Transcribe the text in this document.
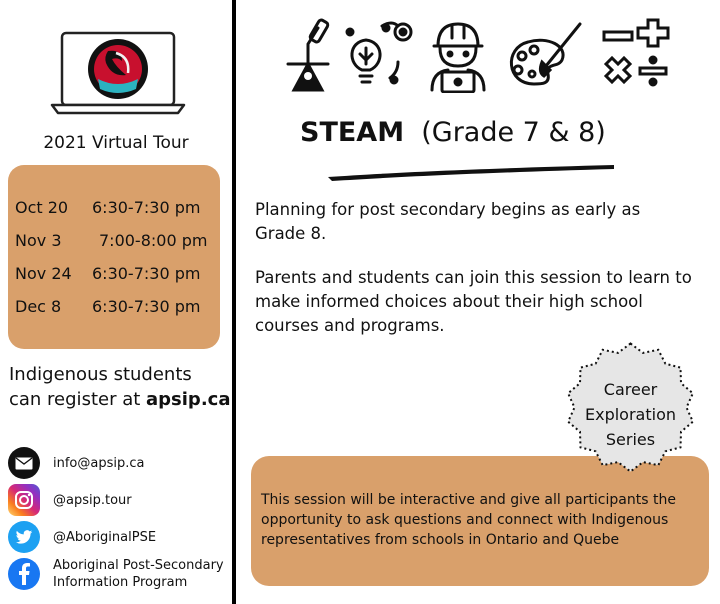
2021 Virtual Tour
Oct 20 6:30-7:30 pm
Nov 3 7:00-8:00 pm
Nov 24 6:30-7:30 pm
Dec 8 6:30-7:30 pm
Indigenous students
can register at apsip.ca
info@apsip.ca
@apsip.tour
@AboriginalPSE
Aboriginal Post-Secondary
Information Program
STEAM  (Grade 7 & 8)

Planning for post secondary begins as early as Grade 8.

Parents and students can join this session to learn to make informed choices about their high school courses and programs.

This session will be interactive and give all participants the opportunity to ask questions and connect with Indigenous representatives from schools in Ontario and Quebe
Career
Exploration
Series
